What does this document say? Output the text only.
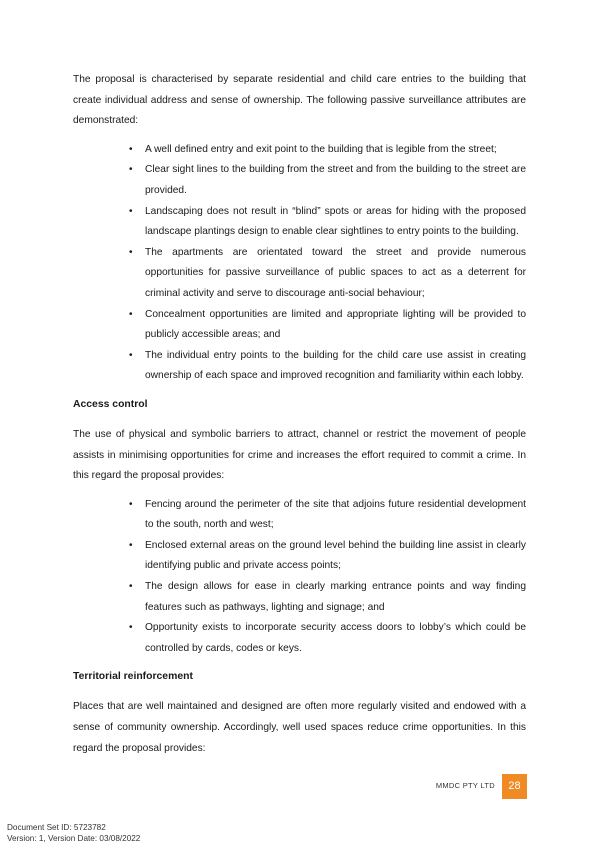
The proposal is characterised by separate residential and child care entries to the building that create individual address and sense of ownership. The following passive surveillance attributes are demonstrated:

• A well defined entry and exit point to the building that is legible from the street;
• Clear sight lines to the building from the street and from the building to the street are provided.
• Landscaping does not result in “blind” spots or areas for hiding with the proposed landscape plantings design to enable clear sightlines to entry points to the building.
• The apartments are orientated toward the street and provide numerous opportunities for passive surveillance of public spaces to act as a deterrent for criminal activity and serve to discourage anti-social behaviour;
• Concealment opportunities are limited and appropriate lighting will be provided to publicly accessible areas; and
• The individual entry points to the building for the child care use assist in creating ownership of each space and improved recognition and familiarity within each lobby.
Access control

The use of physical and symbolic barriers to attract, channel or restrict the movement of people assists in minimising opportunities for crime and increases the effort required to commit a crime. In this regard the proposal provides:

• Fencing around the perimeter of the site that adjoins future residential development to the south, north and west;
• Enclosed external areas on the ground level behind the building line assist in clearly identifying public and private access points;
• The design allows for ease in clearly marking entrance points and way finding features such as pathways, lighting and signage; and
• Opportunity exists to incorporate security access doors to lobby’s which could be controlled by cards, codes or keys.
Territorial reinforcement

Places that are well maintained and designed are often more regularly visited and endowed with a sense of community ownership. Accordingly, well used spaces reduce crime opportunities. In this regard the proposal provides:

MMDC PTY LTD	28
Document Set ID: 5723782
Version: 1, Version Date: 03/08/2022
